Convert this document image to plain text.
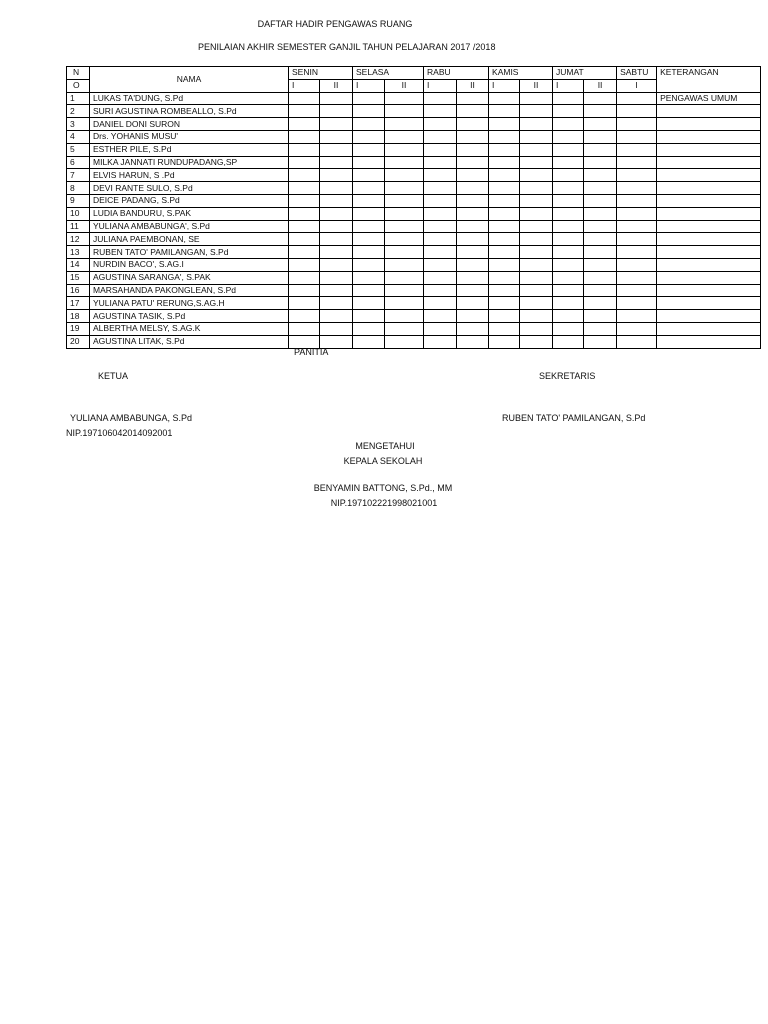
DAFTAR HADIR PENGAWAS RUANG
PENILAIAN AKHIR SEMESTER GANJIL TAHUN PELAJARAN 2017 /2018
N	NAMA	SENIN		SELASA		RABU		KAMIS		JUMAT		SABTU	KETERANGAN
O		I	II	I	II	I	II	I	II	I	II	I	
1	LUKAS TA'DUNG, S.Pd												PENGAWAS UMUM
2	SURI AGUSTINA ROMBEALLO, S.Pd												
3	DANIEL DONI SURON												
4	Drs. YOHANIS MUSU'												
5	ESTHER PILE, S.Pd												
6	MILKA JANNATI RUNDUPADANG,SP												
7	ELVIS HARUN, S .Pd												
8	DEVI RANTE SULO, S.Pd												
9	DEICE PADANG, S.Pd												
10	LUDIA BANDURU, S.PAK												
11	YULIANA AMBABUNGA', S.Pd												
12	JULIANA PAEMBONAN, SE												
13	RUBEN TATO' PAMILANGAN, S.Pd												
14	NURDIN BACO', S.AG.I												
15	AGUSTINA SARANGA', S.PAK												
16	MARSAHANDA PAKONGLEAN, S.Pd												
17	YULIANA PATU' RERUNG,S.AG.H												
18	AGUSTINA TASIK, S.Pd												
19	ALBERTHA MELSY, S.AG.K												
20	AGUSTINA LITAK, S.Pd												
PANITIA
KETUA	SEKRETARIS
YULIANA AMBABUNGA, S.Pd	RUBEN TATO' PAMILANGAN, S.Pd
NIP.197106042014092001
MENGETAHUI
KEPALA SEKOLAH
BENYAMIN BATTONG, S.Pd., MM
NIP.197102221998021001
